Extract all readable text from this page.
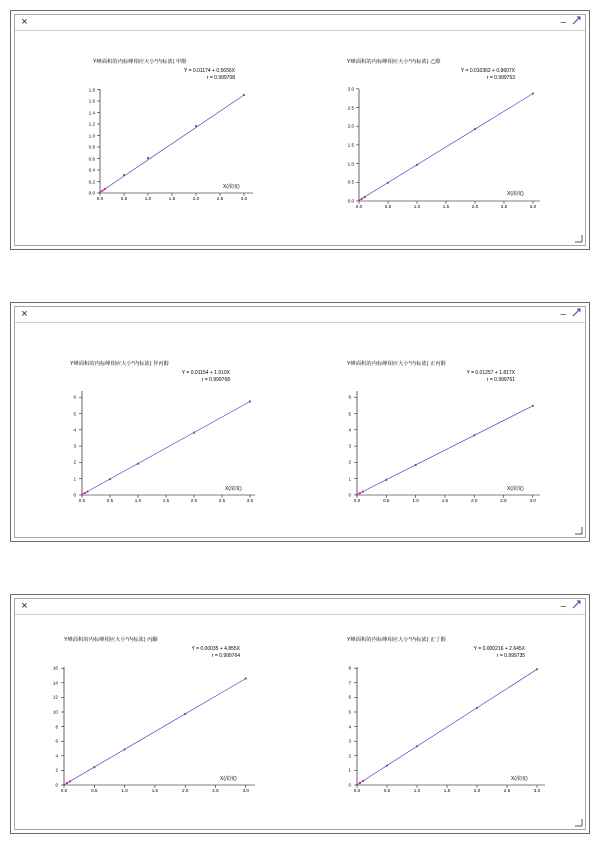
×	–
Y峰面积的内标峰相应大小*内标浓) 甲醇
Y = 0.01174 + 0.5656X
r = 0.999708
0.0	0.5	1.0	1.5	2.0	2.5	3.0
0.0
0.2
0.4
0.6
0.8
1.0
1.2
1.4
1.6
1.8
X(浓度)
Y峰面积的内标峰相应大小*内标浓) 乙醇
Y = 0.010362 + 0.9607X
r = 0.999753
0.0	0.5	1.0	1.5	2.0	2.5	3.0
0.0
0.5
1.0
1.5
2.0
2.5
3.0
X(浓度)
×	–
Y峰面积的内标峰相应大小*内标浓) 异丙醇
Y = 0.01154 + 1.910X
r = 0.999768
0.0	0.5	1.0	1.5	2.0	2.5	3.0
0
1
2
3
4
5
6
X(浓度)
Y峰面积的内标峰相应大小*内标浓) 正丙醇
Y = 0.01257 + 1.817X
r = 0.999761
0.0	0.5	1.0	1.5	2.0	2.5	3.0
0
1
2
3
4
5
6
X(浓度)
×	–
Y峰面积的内标峰相应大小*内标浓) 丙酮
Y = 0.00035 + 4.855X
r = 0.999764
0.0	0.5	1.0	1.5	2.0	2.5	3.0
0
2
4
6
8
10
12
14
16
X(浓度)
Y峰面积的内标峰相应大小*内标浓) 正丁醇
Y = 0.000216 + 2.645X
r = 0.999735
0.0	0.5	1.0	1.5	2.0	2.5	3.0
0
1
2
3
4
5
6
7
8
X(浓度)
